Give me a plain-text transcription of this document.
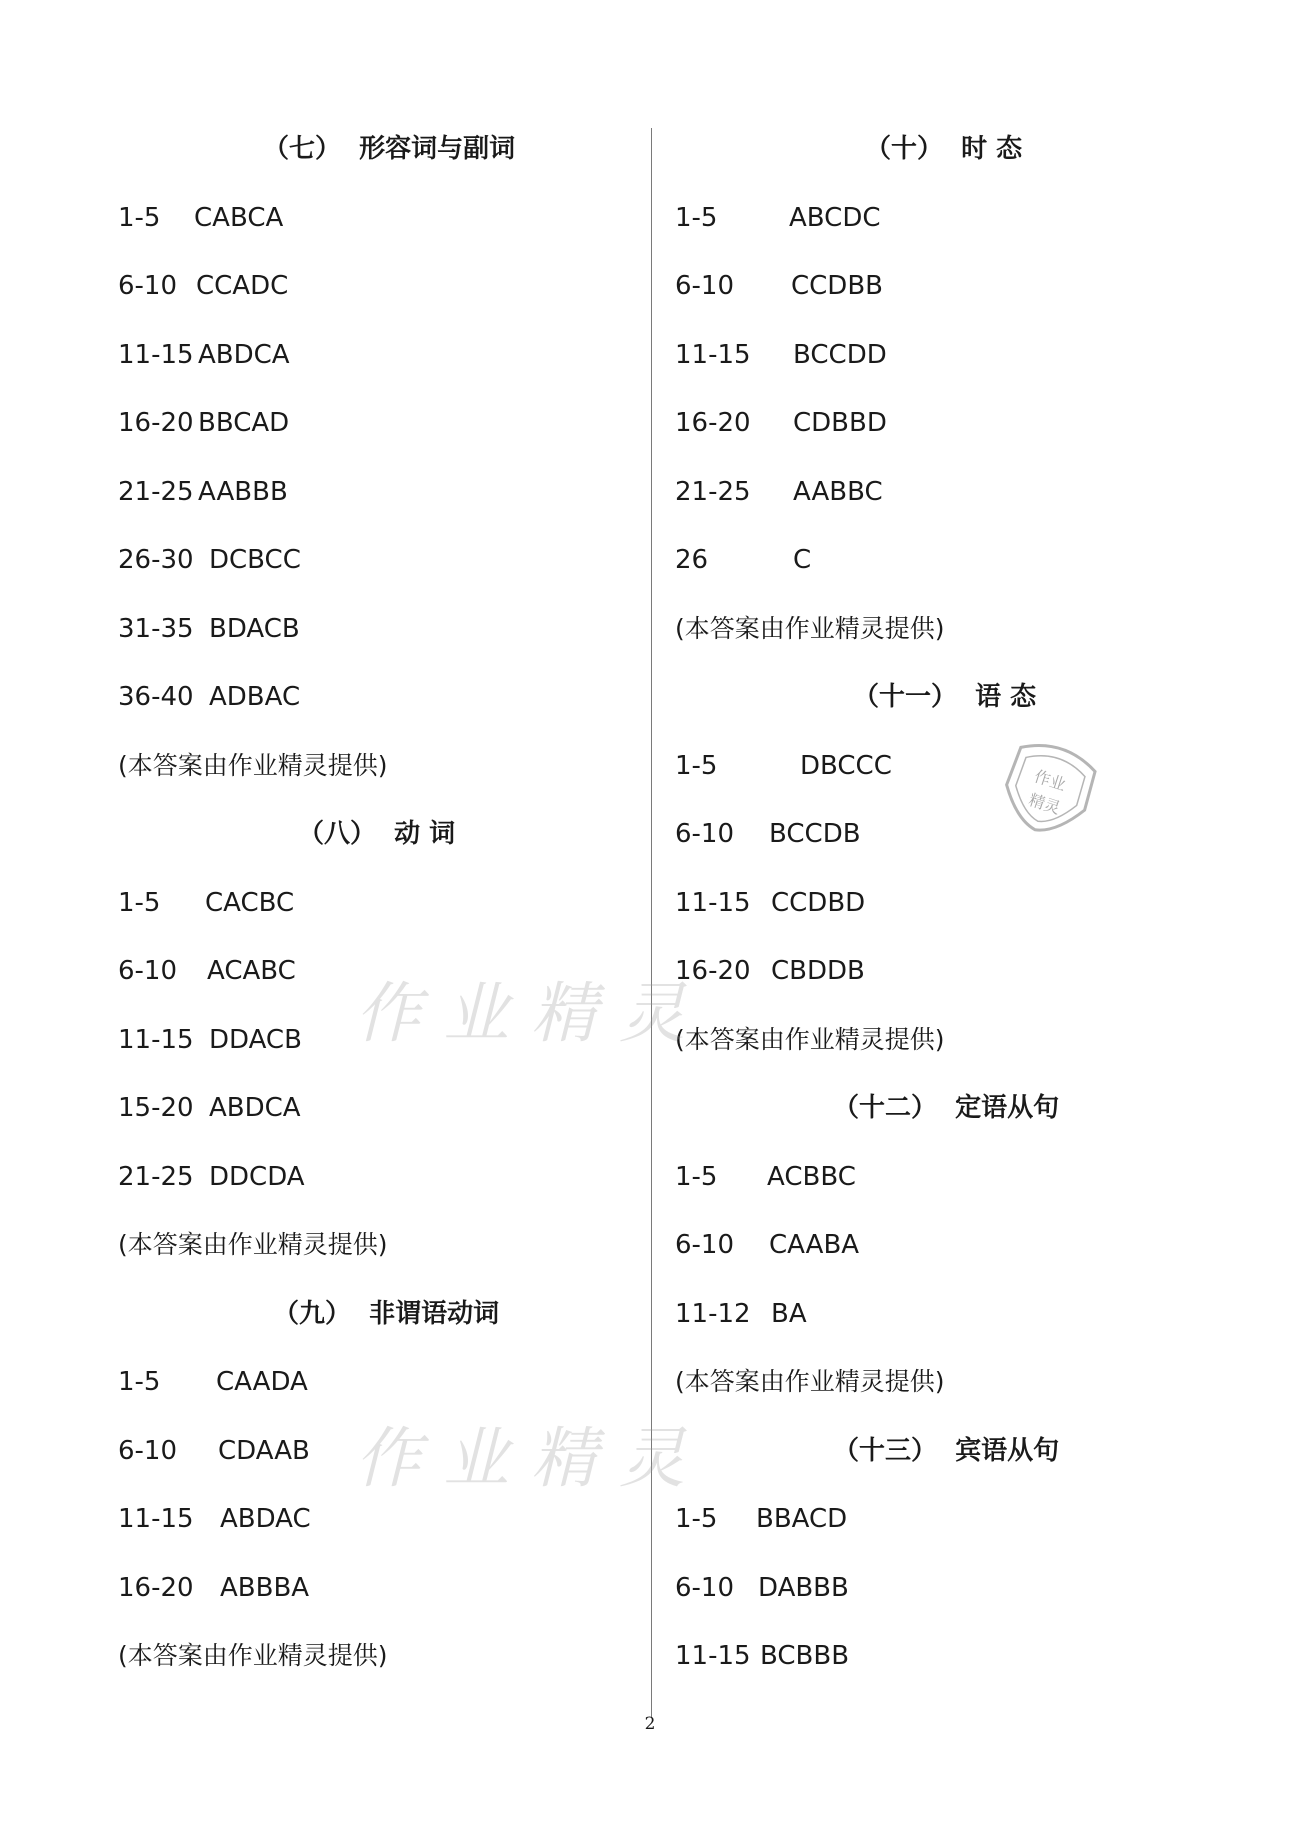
（七）  形容词与副词
1-5 CABCA
6-10 CCADC
11-15 ABDCA
16-20 BBCAD
21-25 AABBB
26-30 DCBCC
31-35 BDACB
36-40 ADBAC
(本答案由作业精灵提供)
（八）  动 词
1-5 CACBC
6-10 ACABC
11-15 DDACB
15-20 ABDCA
21-25 DDCDA
(本答案由作业精灵提供)
（九）  非谓语动词
1-5 CAADA
6-10 CDAAB
11-15 ABDAC
16-20 ABBBA
(本答案由作业精灵提供)
（十）  时 态
1-5	ABCDC
6-10 CCDBB
11-15 BCCDD
16-20 CDBBD
21-25 AABBC
26	C
(本答案由作业精灵提供)
（十一）  语 态
1-5	DBCCC
6-10 BCCDB
11-15 CCDBD
16-20 CBDDB
(本答案由作业精灵提供)
（十二）  定语从句
1-5 ACBBC
6-10 CAABA
11-12 BA
(本答案由作业精灵提供)
（十三）  宾语从句
1-5 BBACD
6-10 DABBB
11-15 BCBBB
作业精灵
作业精灵
作业
精灵
2
